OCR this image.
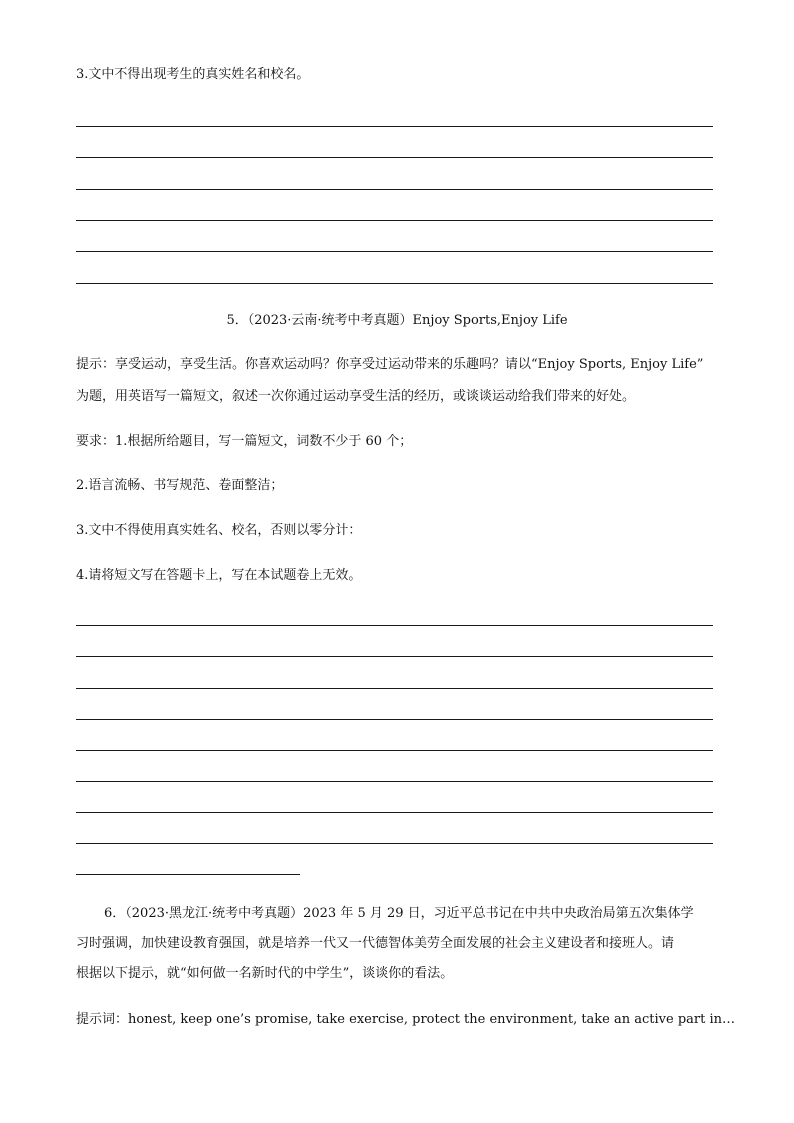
3.文中不得出现考生的真实姓名和校名。
5．（2023·云南·统考中考真题）Enjoy Sports,Enjoy Life
提示：享受运动，享受生活。你喜欢运动吗？你享受过运动带来的乐趣吗？请以“Enjoy Sports, Enjoy Life”
为题，用英语写一篇短文，叙述一次你通过运动享受生活的经历，或谈谈运动给我们带来的好处。
要求：1.根据所给题目，写一篇短文，词数不少于 60 个；
2.语言流畅、书写规范、卷面整洁；
3.文中不得使用真实姓名、校名，否则以零分计：
4.请将短文写在答题卡上，写在本试题卷上无效。
6．（2023·黑龙江·统考中考真题）2023 年 5 月 29 日，习近平总书记在中共中央政治局第五次集体学
习时强调，加快建设教育强国，就是培养一代又一代德智体美劳全面发展的社会主义建设者和接班人。请
根据以下提示，就“如何做一名新时代的中学生”，谈谈你的看法。
提示词：honest, keep one’s promise, take exercise, protect the environment, take an active part in…
